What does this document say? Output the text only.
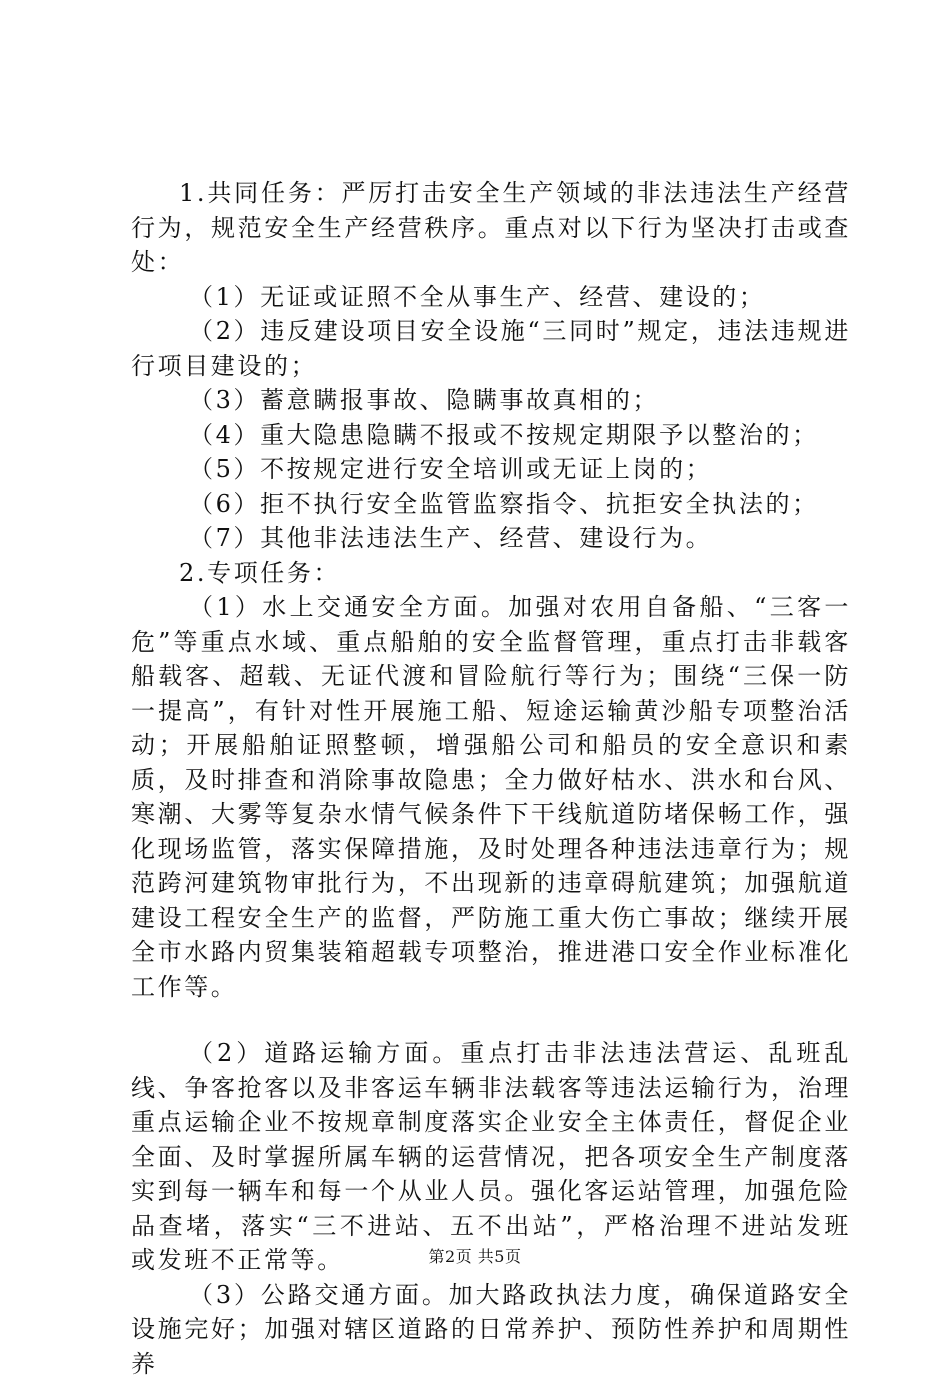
1.共同任务：严厉打击安全生产领域的非法违法生产经营行为，规范安全生产经营秩序。重点对以下行为坚决打击或查处：

（1）无证或证照不全从事生产、经营、建设的；

（2）违反建设项目安全设施“三同时”规定，违法违规进行项目建设的；

（3）蓄意瞒报事故、隐瞒事故真相的；

（4）重大隐患隐瞒不报或不按规定期限予以整治的；

（5）不按规定进行安全培训或无证上岗的；

（6）拒不执行安全监管监察指令、抗拒安全执法的；

（7）其他非法违法生产、经营、建设行为。

2.专项任务：

（1）水上交通安全方面。加强对农用自备船、“三客一危”等重点水域、重点船舶的安全监督管理，重点打击非载客船载客、超载、无证代渡和冒险航行等行为；围绕“三保一防一提高”，有针对性开展施工船、短途运输黄沙船专项整治活动；开展船舶证照整顿，增强船公司和船员的安全意识和素质，及时排查和消除事故隐患；全力做好枯水、洪水和台风、寒潮、大雾等复杂水情气候条件下干线航道防堵保畅工作，强化现场监管，落实保障措施，及时处理各种违法违章行为；规范跨河建筑物审批行为，不出现新的违章碍航建筑；加强航道建设工程安全生产的监督，严防施工重大伤亡事故；继续开展全市水路内贸集装箱超载专项整治，推进港口安全作业标准化工作等。

（2）道路运输方面。重点打击非法违法营运、乱班乱线、争客抢客以及非客运车辆非法载客等违法运输行为，治理重点运输企业不按规章制度落实企业安全主体责任，督促企业全面、及时掌握所属车辆的运营情况，把各项安全生产制度落实到每一辆车和每一个从业人员。强化客运站管理，加强危险品查堵，落实“三不进站、五不出站”，严格治理不进站发班或发班不正常等。

（3）公路交通方面。加大路政执法力度，确保道路安全设施完好；加强对辖区道路的日常养护、预防性养护和周期性养

第2页 共5页
